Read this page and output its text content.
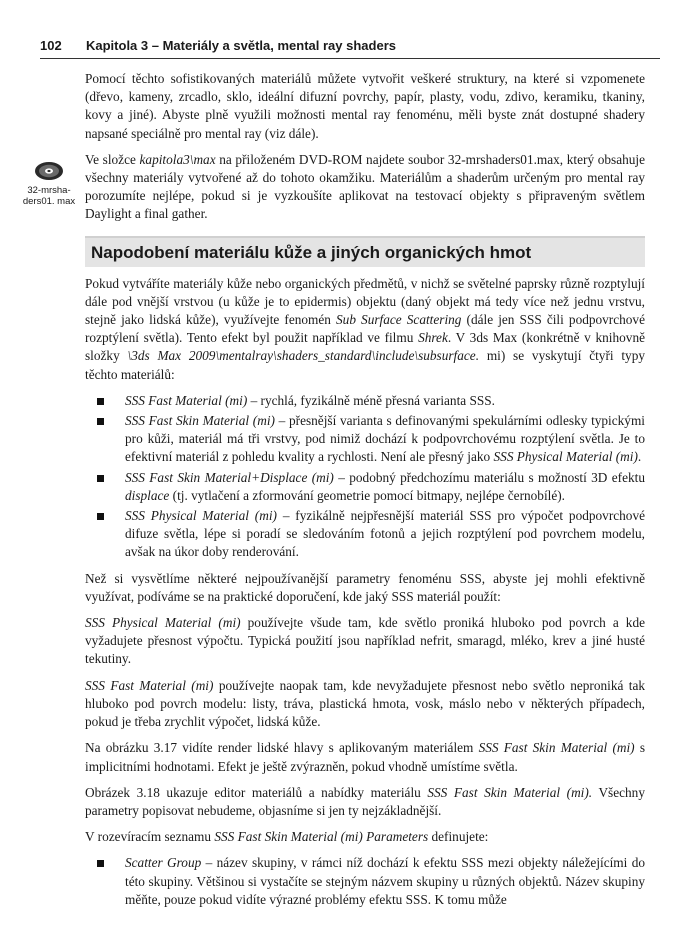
102 Kapitola 3 – Materiály a světla, mental ray shaders
32-mrsha- ders01. max

Pomocí těchto sofistikovaných materiálů můžete vytvořit veškeré struktury, na které si vzpomenete (dřevo, kameny, zrcadlo, sklo, ideální difuzní povrchy, papír, plasty, vodu, zdivo, keramiku, tkaniny, kovy a jiné). Abyste plně využili možnosti mental ray fenoménu, měli byste znát dostupné shadery napsané speciálně pro mental ray (viz dále).

Ve složce kapitola3\max na přiloženém DVD-ROM najdete soubor 32-mrshaders01.max, který obsahuje všechny materiály vytvořené až do tohoto okamžiku. Materiálům a shaderům určeným pro mental ray porozumíte nejlépe, pokud si je vyzkoušíte aplikovat na testovací objekty s připraveným světlem Daylight a final gather.

Napodobení materiálu kůže a jiných organických hmot

Pokud vytváříte materiály kůže nebo organických předmětů, v nichž se světelné paprsky různě rozptylují dále pod vnější vrstvou (u kůže je to epidermis) objektu (daný objekt má tedy více než jednu vrstvu, stejně jako lidská kůže), využívejte fenomén Sub Surface Scattering (dále jen SSS čili podpovrchové rozptýlení světla). Tento efekt byl použit například ve filmu Shrek. V 3ds Max (konkrétně v knihovně složky \3ds Max 2009\mentalray\shaders_standard\include\subsurface. mi) se vyskytují čtyři typy těchto materiálů:

SSS Fast Material (mi) – rychlá, fyzikálně méně přesná varianta SSS.
SSS Fast Skin Material (mi) – přesnější varianta s definovanými spekulárními odlesky typickými pro kůži, materiál má tři vrstvy, pod nimiž dochází k podpovrchovému rozptýlení světla. Je to efektivní materiál z pohledu kvality a rychlosti. Není ale přesný jako SSS Physical Material (mi).
SSS Fast Skin Material+Displace (mi) – podobný předchozímu materiálu s možností 3D efektu displace (tj. vytlačení a zformování geometrie pomocí bitmapy, nejlépe černobílé).
SSS Physical Material (mi) – fyzikálně nejpřesnější materiál SSS pro výpočet podpovrchové difuze světla, lépe si poradí se sledováním fotonů a jejich rozptýlení pod povrchem modelu, avšak na úkor doby renderování.

Než si vysvětlíme některé nejpoužívanější parametry fenoménu SSS, abyste jej mohli efektivně využívat, podíváme se na praktické doporučení, kde jaký SSS materiál použít:

SSS Physical Material (mi) používejte všude tam, kde světlo proniká hluboko pod povrch a kde vyžadujete přesnost výpočtu. Typická použití jsou například nefrit, smaragd, mléko, krev a jiné husté tekutiny.

SSS Fast Material (mi) používejte naopak tam, kde nevyžadujete přesnost nebo světlo neproniká tak hluboko pod povrch modelu: listy, tráva, plastická hmota, vosk, máslo nebo v některých případech, pokud je třeba zrychlit výpočet, lidská kůže.

Na obrázku 3.17 vidíte render lidské hlavy s aplikovaným materiálem SSS Fast Skin Material (mi) s implicitními hodnotami. Efekt je ještě zvýrazněn, pokud vhodně umístíme světla.

Obrázek 3.18 ukazuje editor materiálů a nabídky materiálu SSS Fast Skin Material (mi). Všechny parametry popisovat nebudeme, objasníme si jen ty nejzákladnější.

V rozevíracím seznamu SSS Fast Skin Material (mi) Parameters definujete:

Scatter Group – název skupiny, v rámci níž dochází k efektu SSS mezi objekty náležejícími do této skupiny. Většinou si vystačíte se stejným názvem skupiny u různých objektů. Název skupiny měňte, pouze pokud vidíte výrazné problémy efektu SSS. K tomu může
